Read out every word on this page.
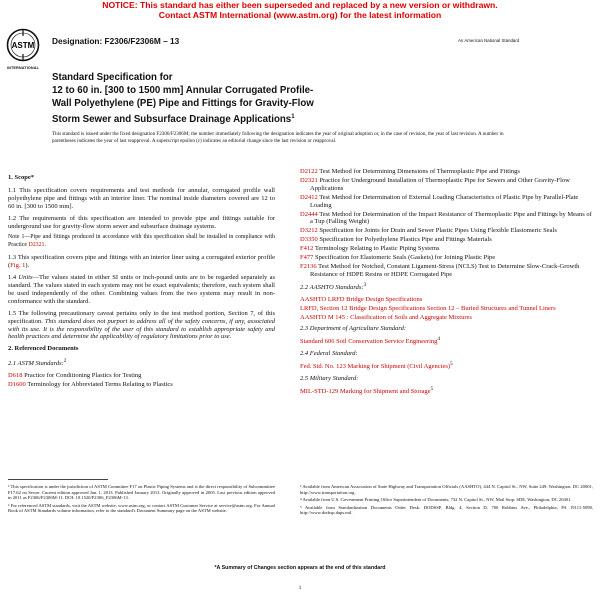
NOTICE: This standard has either been superseded and replaced by a new version or withdrawn.
Contact ASTM International (www.astm.org) for the latest information
ASTM
INTERNATIONAL
Designation: F2306/F2306M – 13	An American National Standard
Standard Specification for
12 to 60 in. [300 to 1500 mm] Annular Corrugated Profile-
Wall Polyethylene (PE) Pipe and Fittings for Gravity-Flow
Storm Sewer and Subsurface Drainage Applications$^1$
This standard is issued under the fixed designation F2306/F2306M; the number immediately following the designation indicates the year of original adoption or, in the case of revision, the year of last revision. A number in parentheses indicates the year of last reapproval. A superscript epsilon (ε) indicates an editorial change since the last revision or reapproval.

1. Scope*

1.1 This specification covers requirements and test methods for annular, corrugated profile wall polyethylene pipe and fittings with an interior liner. The nominal inside diameters covered are 12 to 60 in. [300 to 1500 mm].

1.2 The requirements of this specification are intended to provide pipe and fittings suitable for underground use for gravity-flow storm sewer and subsurface drainage systems.

Note 1—Pipe and fittings produced in accordance with this specification shall be installed in compliance with Practice D2321.

1.3 This specification covers pipe and fittings with an interior liner using a corrugated exterior profile (Fig. 1).

1.4 Units—The values stated in either SI units or inch-pound units are to be regarded separately as standard. The values stated in each system may not be exact equivalents; therefore, each system shall be used independently of the other. Combining values from the two systems may result in non-conformance with the standard.

1.5 The following precautionary caveat pertains only to the test method portion, Section 7, of this specification. This standard does not purport to address all of the safety concerns, if any, associated with its use. It is the responsibility of the user of this standard to establish appropriate safety and health practices and determine the applicability of regulatory limitations prior to use.

2. Referenced Documents

2.1 ASTM Standards:$^2$

D618 Practice for Conditioning Plastics for Testing

D1600 Terminology for Abbreviated Terms Relating to Plastics

¹ This specification is under the jurisdiction of ASTM Committee F17 on Plastic Piping Systems and is the direct responsibility of Subcommittee F17.62 on Sewer. Current edition approved Jan. 1, 2013. Published January 2013. Originally approved in 2005. Last previous edition approved in 2011 as F2306/F2306M-11. DOI: 10.1520/F2306_F2306M-13.

² For referenced ASTM standards, visit the ASTM website, www.astm.org, or contact ASTM Customer Service at service@astm.org. For Annual Book of ASTM Standards volume information, refer to the standard's Document Summary page on the ASTM website.

D2122 Test Method for Determining Dimensions of Thermoplastic Pipe and Fittings

D2321 Practice for Underground Installation of Thermoplastic Pipe for Sewers and Other Gravity-Flow Applications

D2412 Test Method for Determination of External Loading Characteristics of Plastic Pipe by Parallel-Plate Loading

D2444 Test Method for Determination of the Impact Resistance of Thermoplastic Pipe and Fittings by Means of a Tup (Falling Weight)

D3212 Specification for Joints for Drain and Sewer Plastic Pipes Using Flexible Elastomeric Seals

D3350 Specification for Polyethylene Plastics Pipe and Fittings Materials

F412 Terminology Relating to Plastic Piping Systems

F477 Specification for Elastomeric Seals (Gaskets) for Joining Plastic Pipe

F2136 Test Method for Notched, Constant Ligament-Stress (NCLS) Test to Determine Slow-Crack-Growth Resistance of HDPE Resins or HDPE Corrugated Pipe

2.2 AASHTO Standards:$^3$

AASHTO LRFD Bridge Design Specifications

LRFD, Section 12 Bridge Design Specifications Section 12 – Buried Structures and Tunnel Liners

AASHTO M 145 : Classification of Soils and Aggregate Mixtures

2.3 Department of Agriculture Standard:

Standard 606 Soil Conservation Service Engineering$^4$

2.4 Federal Standard:

Fed. Std. No. 123 Marking for Shipment (Civil Agencies)$^5$

2.5 Military Standard:

MIL-STD-129 Marking for Shipment and Storage$^5$

³ Available from American Association of State Highway and Transportation Officials (AASHTO), 444 N. Capitol St., NW, Suite 249, Washington, DC 20001, http://www.transportation.org.

⁴ Available from U.S. Government Printing Office Superintendent of Documents, 732 N. Capitol St., NW, Mail Stop: SDE, Washington, DC 20401.

⁵ Available from Standardization Documents Order Desk: DODSSP, Bldg. 4, Section D, 700 Robbins Ave., Philadelphia, PA 19111-5098, http://www.dodssp.daps.mil.

*A Summary of Changes section appears at the end of this standard
1
